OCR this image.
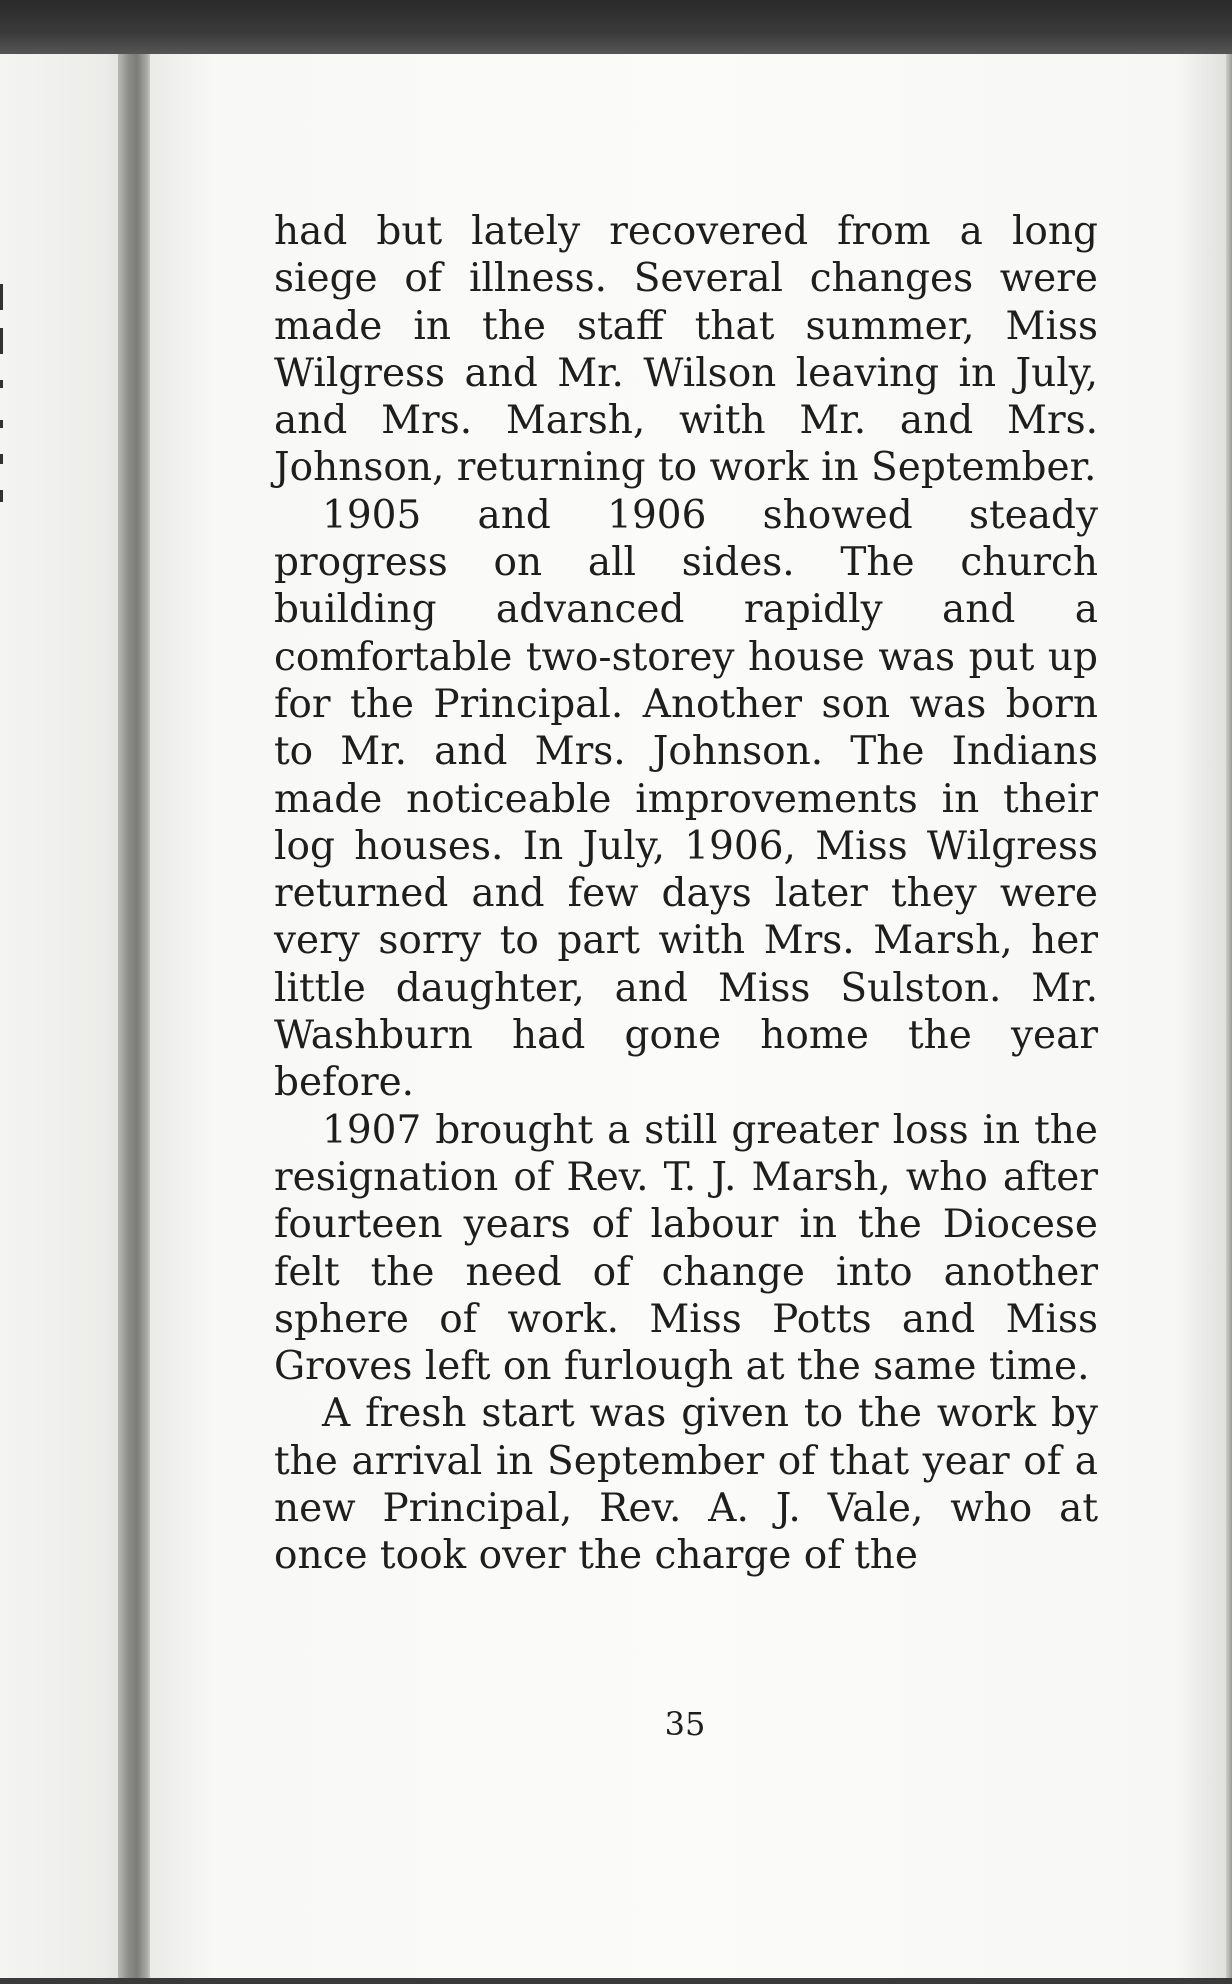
had but lately recovered from a long siege of illness. Several changes were made in the staff that summer, Miss Wilgress and Mr. Wilson leaving in July, and Mrs. Marsh, with Mr. and Mrs. Johnson, returning to work in September.

1905 and 1906 showed steady progress on all sides. The church building advanced rapidly and a comfortable two-storey house was put up for the Principal. Another son was born to Mr. and Mrs. Johnson. The Indians made noticeable improvements in their log houses. In July, 1906, Miss Wilgress returned and few days later they were very sorry to part with Mrs. Marsh, her little daughter, and Miss Sulston. Mr. Washburn had gone home the year before.

1907 brought a still greater loss in the resignation of Rev. T. J. Marsh, who after fourteen years of labour in the Diocese felt the need of change into another sphere of work. Miss Potts and Miss Groves left on furlough at the same time.

A fresh start was given to the work by the arrival in September of that year of a new Principal, Rev. A. J. Vale, who at once took over the charge of the

35
